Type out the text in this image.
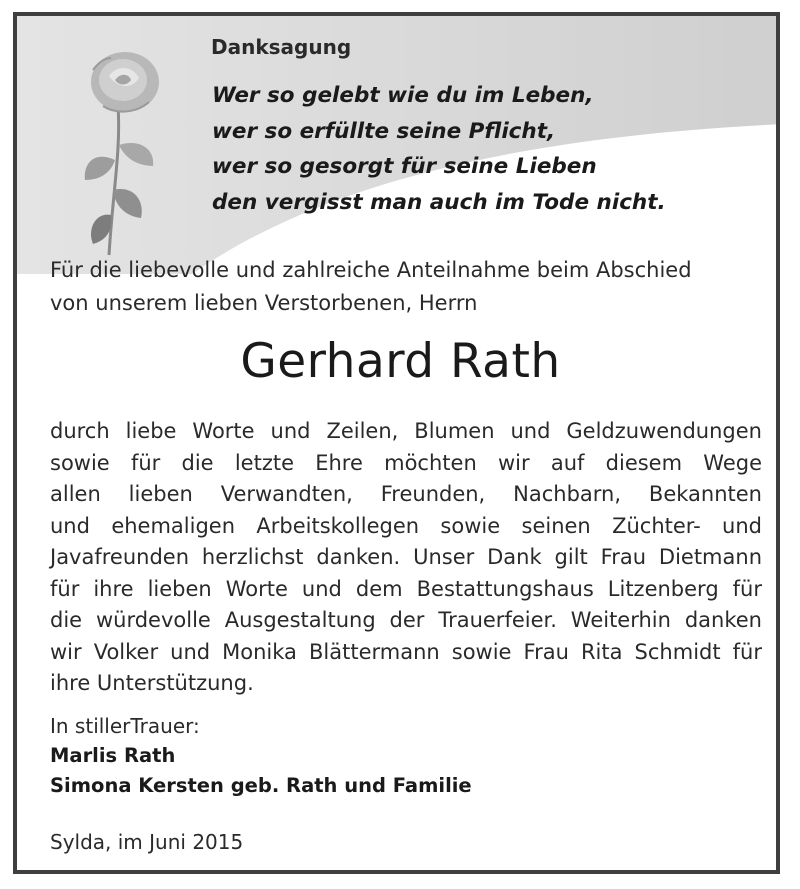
Danksagung
Wer so gelebt wie du im Leben,
wer so erfüllte seine Pflicht,
wer so gesorgt für seine Lieben
den vergisst man auch im Tode nicht.
Für die liebevolle und zahlreiche Anteilnahme beim Abschied
von unserem lieben Verstorbenen, Herrn
Gerhard Rath
durch liebe Worte und Zeilen, Blumen und Geldzuwendungen
sowie für die letzte Ehre möchten wir auf diesem Wege
allen lieben Verwandten, Freunden, Nachbarn, Bekannten
und ehemaligen Arbeitskollegen sowie seinen Züchter- und
Javafreunden herzlichst danken. Unser Dank gilt Frau Dietmann
für ihre lieben Worte und dem Bestattungshaus Litzenberg für
die würdevolle Ausgestaltung der Trauerfeier. Weiterhin danken
wir Volker und Monika Blättermann sowie Frau Rita Schmidt für
ihre Unterstützung.
In stillerTrauer:
Marlis Rath
Simona Kersten geb. Rath und Familie
Sylda, im Juni 2015
